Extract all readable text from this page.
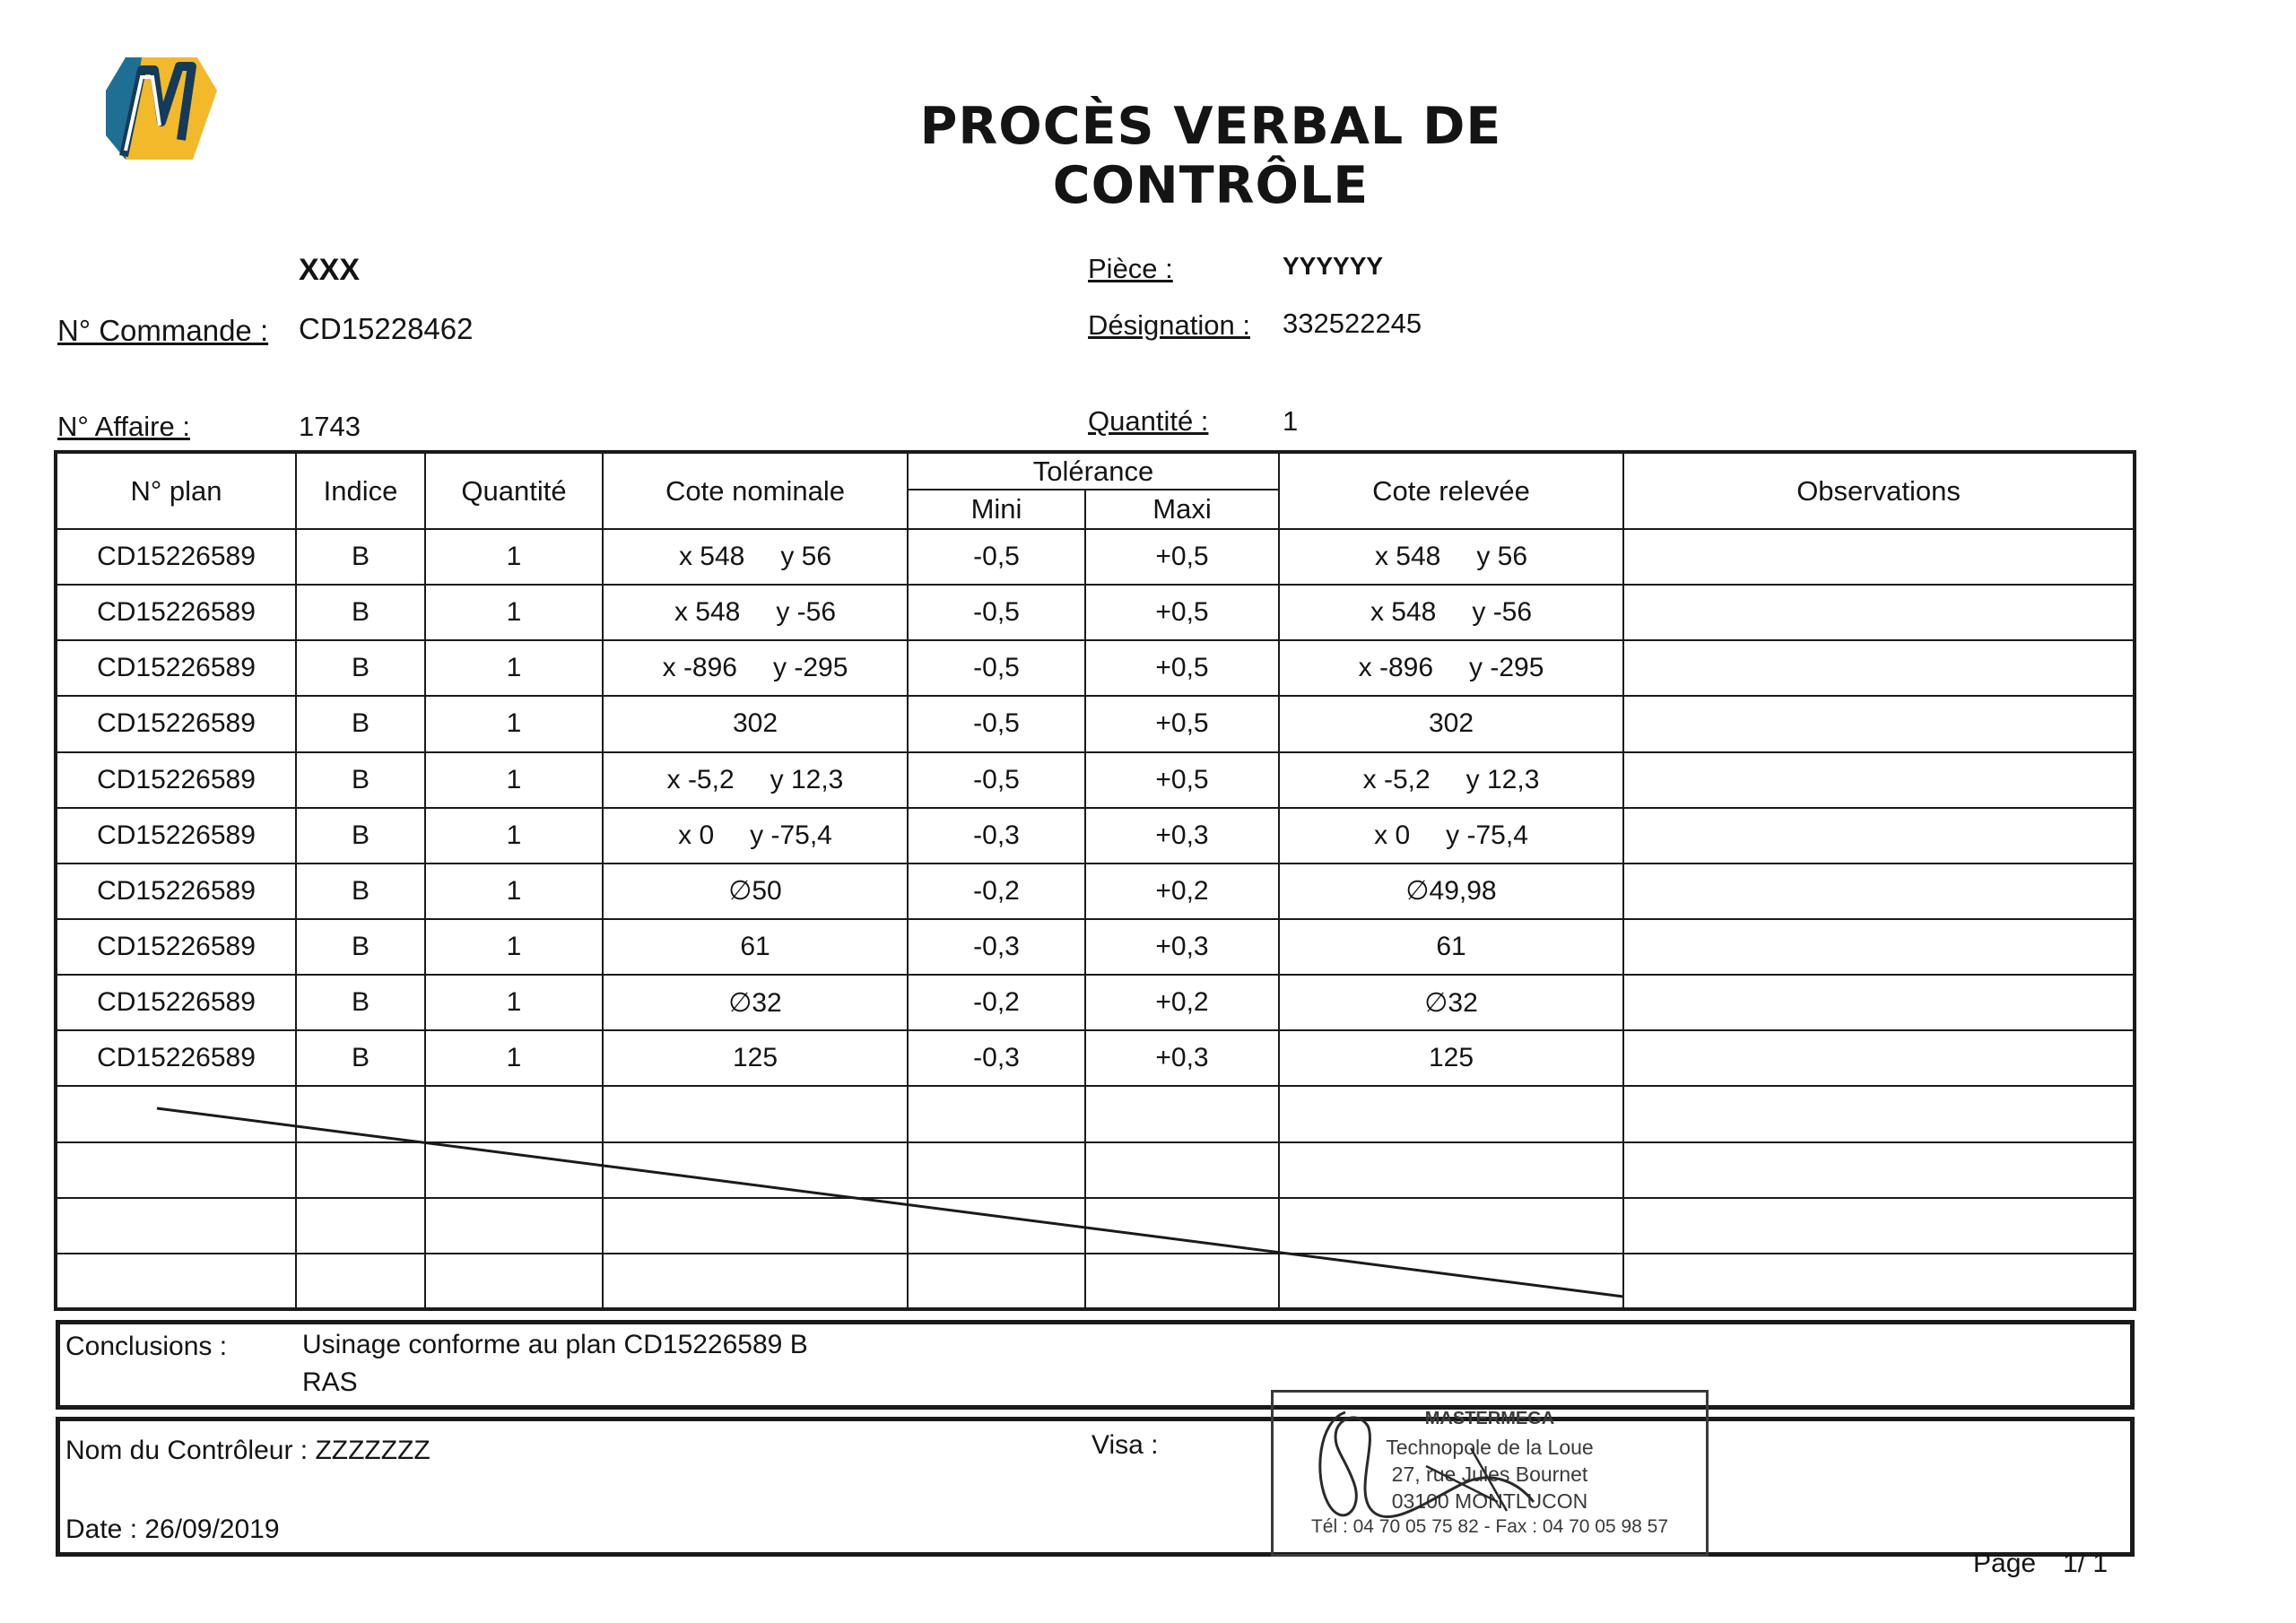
PROCÈS VERBAL DE CONTRÔLE
XXX
N° Commande : CD15228462
N° Affaire :	1743
Pièce :	YYYYYY
Désignation : 332522245
Quantité :	1
N° plan	Indice	Quantité	Cote nominale	Tolérance		Cote relevée	Observations
				Mini	Maxi		
CD15226589	B	1	x 548 y 56	-0,5	+0,5	x 548 y 56	
CD15226589	B	1	x 548 y -56	-0,5	+0,5	x 548 y -56	
CD15226589	B	1	x -896 y -295	-0,5	+0,5	x -896 y -295	
CD15226589	B	1	302	-0,5	+0,5	302	
CD15226589	B	1	x -5,2 y 12,3	-0,5	+0,5	x -5,2 y 12,3	
CD15226589	B	1	x 0 y -75,4	-0,3	+0,3	x 0 y -75,4	
CD15226589	B	1	∅50	-0,2	+0,2	∅49,98	
CD15226589	B	1	61	-0,3	+0,3	61	
CD15226589	B	1	∅32	-0,2	+0,2	∅32	
CD15226589	B	1	125	-0,3	+0,3	125	

Conclusions :	Usinage conforme au plan CD15226589 B
RAS
Nom du Contrôleur : ZZZZZZZ
Date : 26/09/2019
Visa :
MASTERMEGA
Technopole de la Loue
27, rue Jules Bournet
03100 MONTLUCON
Tél : 04 70 05 75 82 - Fax : 04 70 05 98 57
Page 1/ 1
